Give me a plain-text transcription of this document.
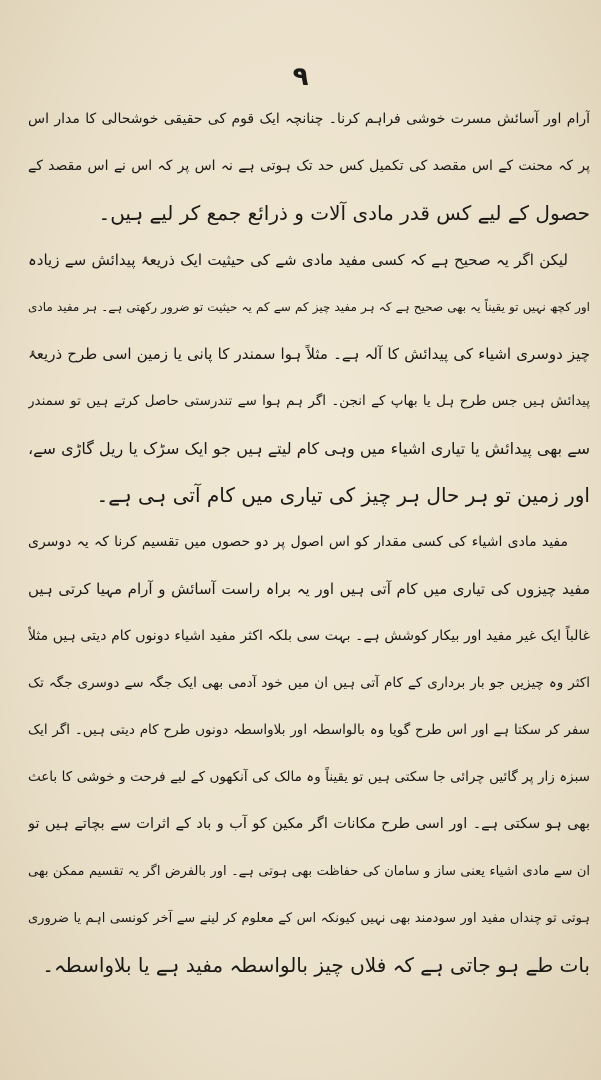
۹
آرام اور آسائش مسرت خوشی فراہم کرنا۔ چنانچہ ایک قوم کی حقیقی خوشحالی کا مدار اس
پر کہ محنت کے اس مقصد کی تکمیل کس حد تک ہوتی ہے نہ اس پر کہ اس نے اس مقصد کے
حصول کے لیے کس قدر مادی آلات و ذرائع جمع کر لیے ہیں۔
لیکن اگر یہ صحیح ہے کہ کسی مفید مادی شے کی حیثیت ایک ذریعۂ پیدائش سے زیادہ
اور کچھ نہیں تو یقیناً یہ بھی صحیح ہے کہ ہر مفید چیز کم سے کم یہ حیثیت تو ضرور رکھتی ہے۔ ہر مفید مادی
چیز دوسری اشیاء کی پیدائش کا آلہ ہے۔ مثلاً ہوا سمندر کا پانی یا زمین اسی طرح ذریعۂ
پیدائش ہیں جس طرح ہل یا بھاپ کے انجن۔ اگر ہم ہوا سے تندرستی حاصل کرتے ہیں تو سمندر
سے بھی پیدائش یا تیاری اشیاء میں وہی کام لیتے ہیں جو ایک سڑک یا ریل گاڑی سے،
اور زمین تو ہر حال ہر چیز کی تیاری میں کام آتی ہی ہے۔
مفید مادی اشیاء کی کسی مقدار کو اس اصول پر دو حصوں میں تقسیم کرنا کہ یہ دوسری
مفید چیزوں کی تیاری میں کام آتی ہیں اور یہ براہ راست آسائش و آرام مہیا کرتی ہیں
غالباً ایک غیر مفید اور بیکار کوشش ہے۔ بہت سی بلکہ اکثر مفید اشیاء دونوں کام دیتی ہیں مثلاً
اکثر وہ چیزیں جو بار برداری کے کام آتی ہیں ان میں خود آدمی بھی ایک جگہ سے دوسری جگہ تک
سفر کر سکتا ہے اور اس طرح گویا وہ بالواسطہ اور بلاواسطہ دونوں طرح کام دیتی ہیں۔ اگر ایک
سبزہ زار پر گائیں چرائی جا سکتی ہیں تو یقیناً وہ مالک کی آنکھوں کے لیے فرحت و خوشی کا باعث
بھی ہو سکتی ہے۔ اور اسی طرح مکانات اگر مکین کو آب و باد کے اثرات سے بچاتے ہیں تو
ان سے مادی اشیاء یعنی ساز و سامان کی حفاظت بھی ہوتی ہے۔ اور بالفرض اگر یہ تقسیم ممکن بھی
ہوتی تو چنداں مفید اور سودمند بھی نہیں کیونکہ اس کے معلوم کر لینے سے آخر کونسی اہم یا ضروری
بات طے ہو جاتی ہے کہ فلاں چیز بالواسطہ مفید ہے یا بلاواسطہ۔
